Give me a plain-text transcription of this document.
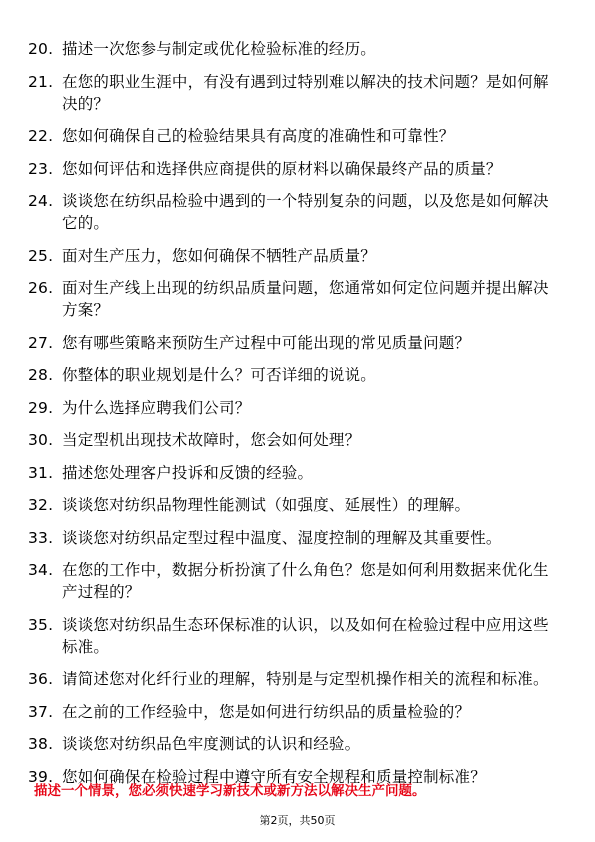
20. 描述一次您参与制定或优化检验标准的经历。
21. 在您的职业生涯中，有没有遇到过特别难以解决的技术问题？是如何解决的？
22. 您如何确保自己的检验结果具有高度的准确性和可靠性？
23. 您如何评估和选择供应商提供的原材料以确保最终产品的质量？
24. 谈谈您在纺织品检验中遇到的一个特别复杂的问题，以及您是如何解决它的。
25. 面对生产压力，您如何确保不牺牲产品质量？
26. 面对生产线上出现的纺织品质量问题，您通常如何定位问题并提出解决方案？
27. 您有哪些策略来预防生产过程中可能出现的常见质量问题？
28. 你整体的职业规划是什么？可否详细的说说。
29. 为什么选择应聘我们公司？
30. 当定型机出现技术故障时，您会如何处理？
31. 描述您处理客户投诉和反馈的经验。
32. 谈谈您对纺织品物理性能测试（如强度、延展性）的理解。
33. 谈谈您对纺织品定型过程中温度、湿度控制的理解及其重要性。
34. 在您的工作中，数据分析扮演了什么角色？您是如何利用数据来优化生产过程的？
35. 谈谈您对纺织品生态环保标准的认识，以及如何在检验过程中应用这些标准。
36. 请简述您对化纤行业的理解，特别是与定型机操作相关的流程和标准。
37. 在之前的工作经验中，您是如何进行纺织品的质量检验的？
38. 谈谈您对纺织品色牢度测试的认识和经验。
39. 您如何确保在检验过程中遵守所有安全规程和质量控制标准？
描述一个情景，您必须快速学习新技术或新方法以解决生产问题。
第2页，共50页
